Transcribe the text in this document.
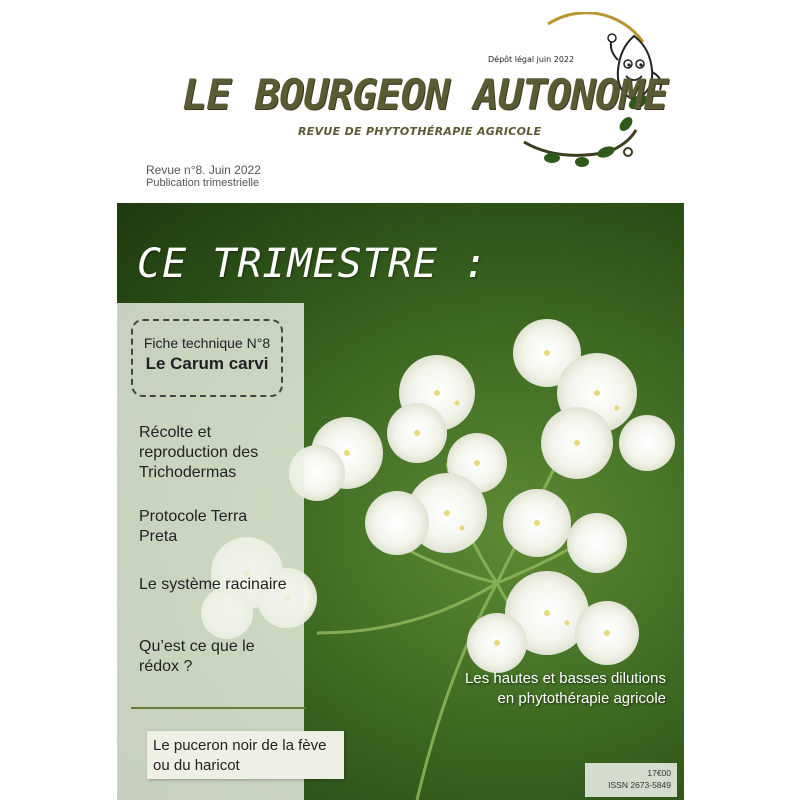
Dépôt légal juin 2022
LE BOURGEON AUTONOME
REVUE DE PHYTOTHÉRAPIE AGRICOLE
Revue n°8. Juin 2022
Publication trimestrielle
CE TRIMESTRE :
Fiche technique N°8
Le Carum carvi
Récolte et reproduction des Trichodermas
Protocole Terra Preta
Le système racinaire
Qu’est ce que le rédox ?
Le puceron noir de la fève ou du haricot
Les hautes et basses dilutions en phytothérapie agricole
17€00
ISSN 2673-5849
